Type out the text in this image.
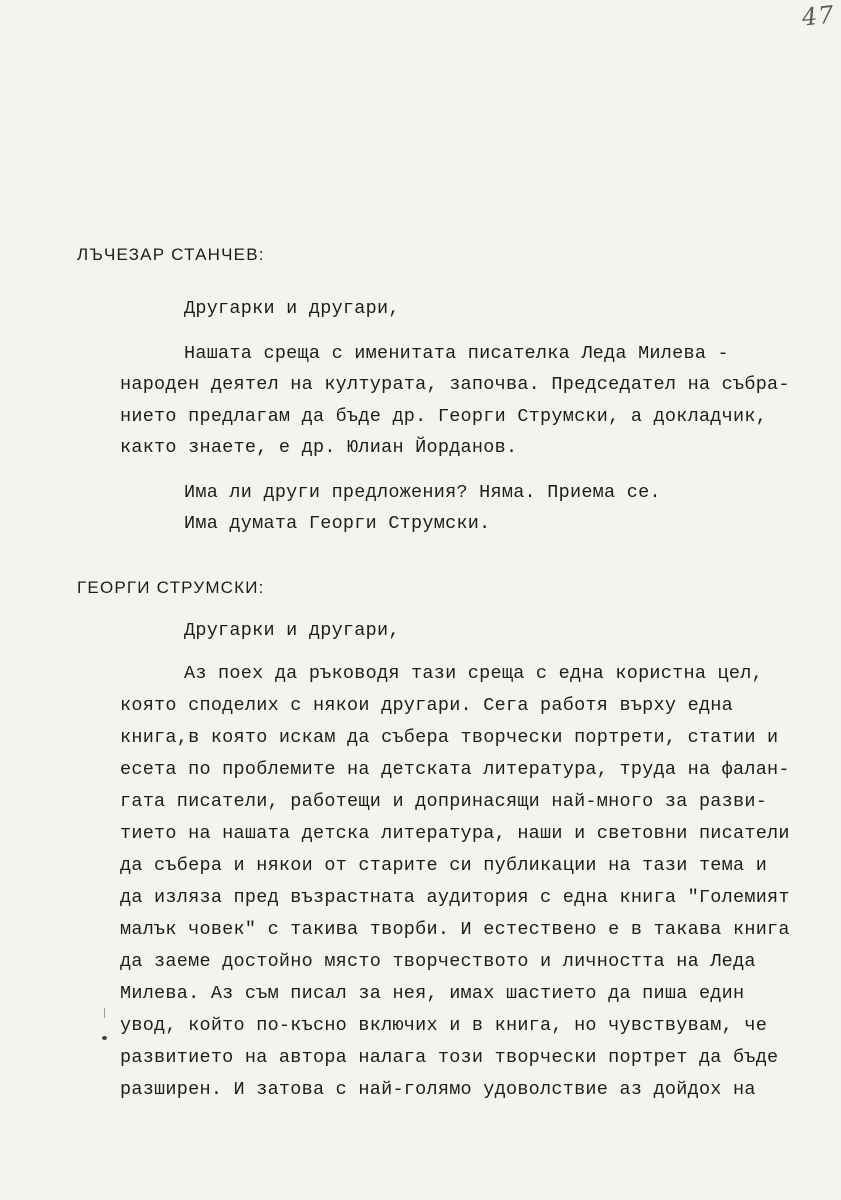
47
ЛЪЧЕЗАР СТАНЧЕВ:
Другарки и другари,
Нашата среща с именитата писателка Леда Милева -
народен деятел на културата, започва. Председател на събра-
нието предлагам да бъде др. Георги Струмски, а докладчик,
както знаете, е др. Юлиан Йорданов.
Има ли други предложения? Няма. Приема се.
Има думата Георги Струмски.
ГЕОРГИ СТРУМСКИ:
Другарки и другари,
Аз поех да ръководя тази среща с една користна цел,
която споделих с някои другари. Сега работя върху една
книга,в която искам да събера творчески портрети, статии и
есета по проблемите на детската литература, труда на фалан-
гата писатели, работещи и допринасящи най-много за разви-
тието на нашата детска литература, наши и световни писатели
да събера и някои от старите си публикации на тази тема и
да изляза пред възрастната аудитория с една книга "Големият
малък човек" с такива творби. И естествено е в такава книга
да заеме достойно място творчеството и личността на Леда
Милева. Аз съм писал за нея, имах шастието да пиша един
увод, който по-късно включих и в книга, но чувствувам, че
развитието на автора налага този творчески портрет да бъде
разширен. И затова с най-голямо удоволствие аз дойдох на
